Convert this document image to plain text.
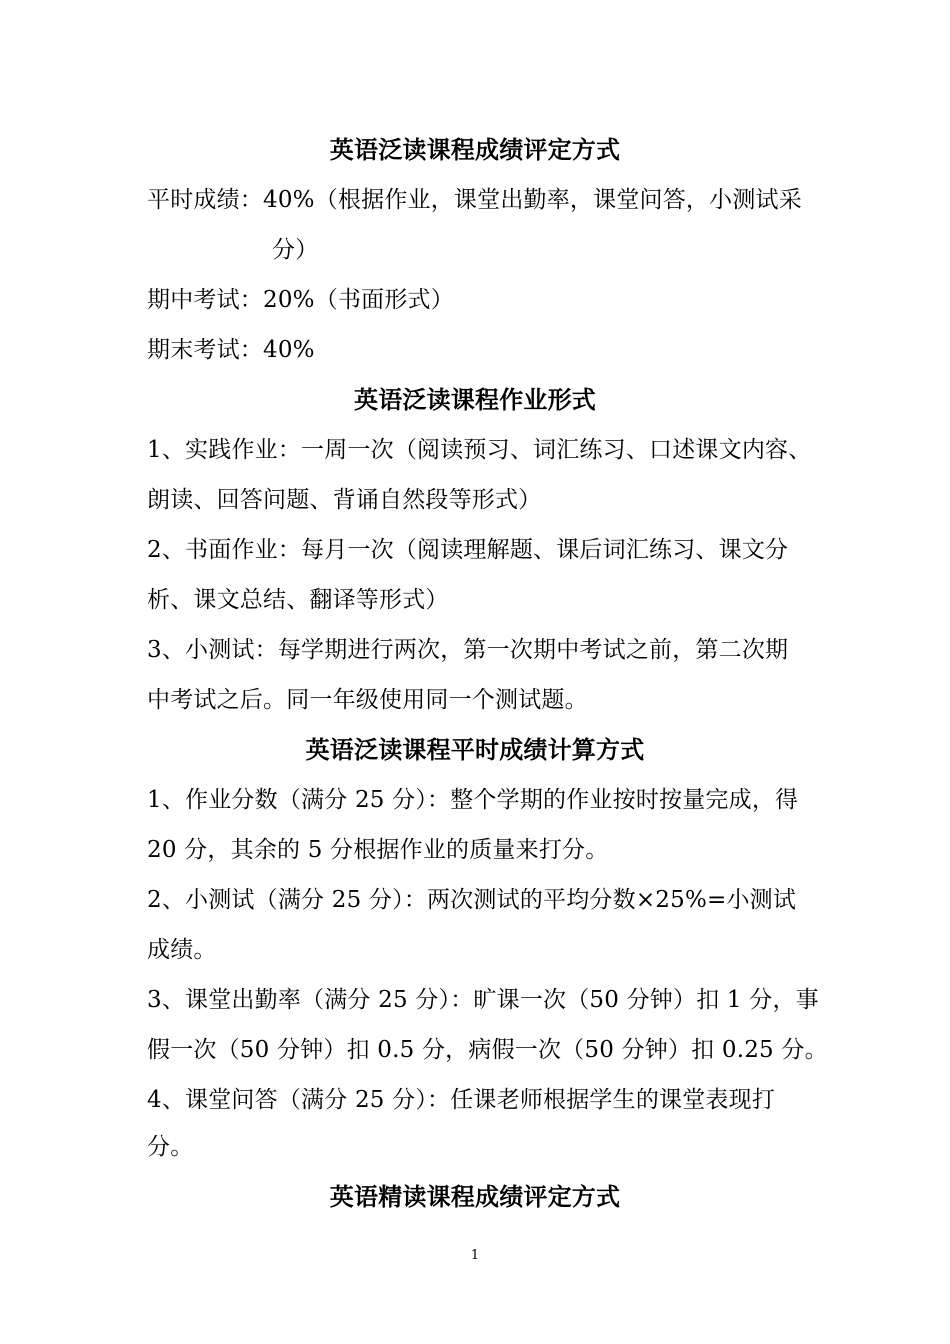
英语泛读课程成绩评定方式
平时成绩：40%（根据作业，课堂出勤率，课堂问答，小测试采
分）
期中考试：20%（书面形式）
期末考试：40%
英语泛读课程作业形式
1、实践作业：一周一次（阅读预习、词汇练习、口述课文内容、
朗读、回答问题、背诵自然段等形式）
2、书面作业：每月一次（阅读理解题、课后词汇练习、课文分
析、课文总结、翻译等形式）
3、小测试：每学期进行两次，第一次期中考试之前，第二次期
中考试之后。同一年级使用同一个测试题。
英语泛读课程平时成绩计算方式
1、作业分数（满分 25 分）：整个学期的作业按时按量完成，得
20 分，其余的 5 分根据作业的质量来打分。
2、小测试（满分 25 分）：两次测试的平均分数×25%=小测试
成绩。
3、课堂出勤率（满分 25 分）：旷课一次（50 分钟）扣 1 分，事
假一次（50 分钟）扣 0.5 分，病假一次（50 分钟）扣 0.25 分。
4、课堂问答（满分 25 分）：任课老师根据学生的课堂表现打
分。
英语精读课程成绩评定方式
1
